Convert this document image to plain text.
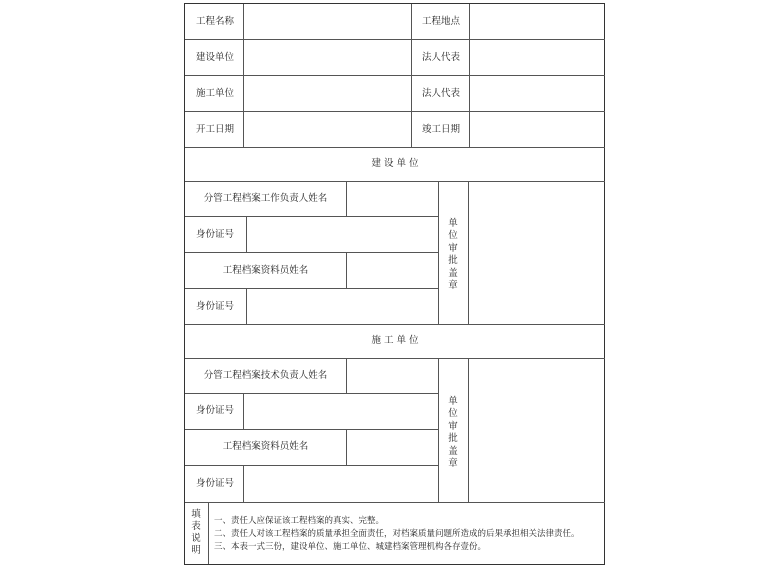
工程名称	工程地点
建设单位	法人代表
施工单位	法人代表
开工日期	竣工日期
建 设 单 位
分管工程档案工作负责人姓名
身份证号
工程档案资料员姓名
身份证号
单位审批盖章
施 工 单 位
分管工程档案技术负责人姓名
身份证号
工程档案资料员姓名
身份证号
单位审批盖章
填表说明
一、责任人应保证该工程档案的真实、完整。
二、责任人对该工程档案的质量承担全面责任，对档案质量问题所造成的后果承担相关法律责任。
三、本表一式三份，建设单位、施工单位、城建档案管理机构各存壹份。
